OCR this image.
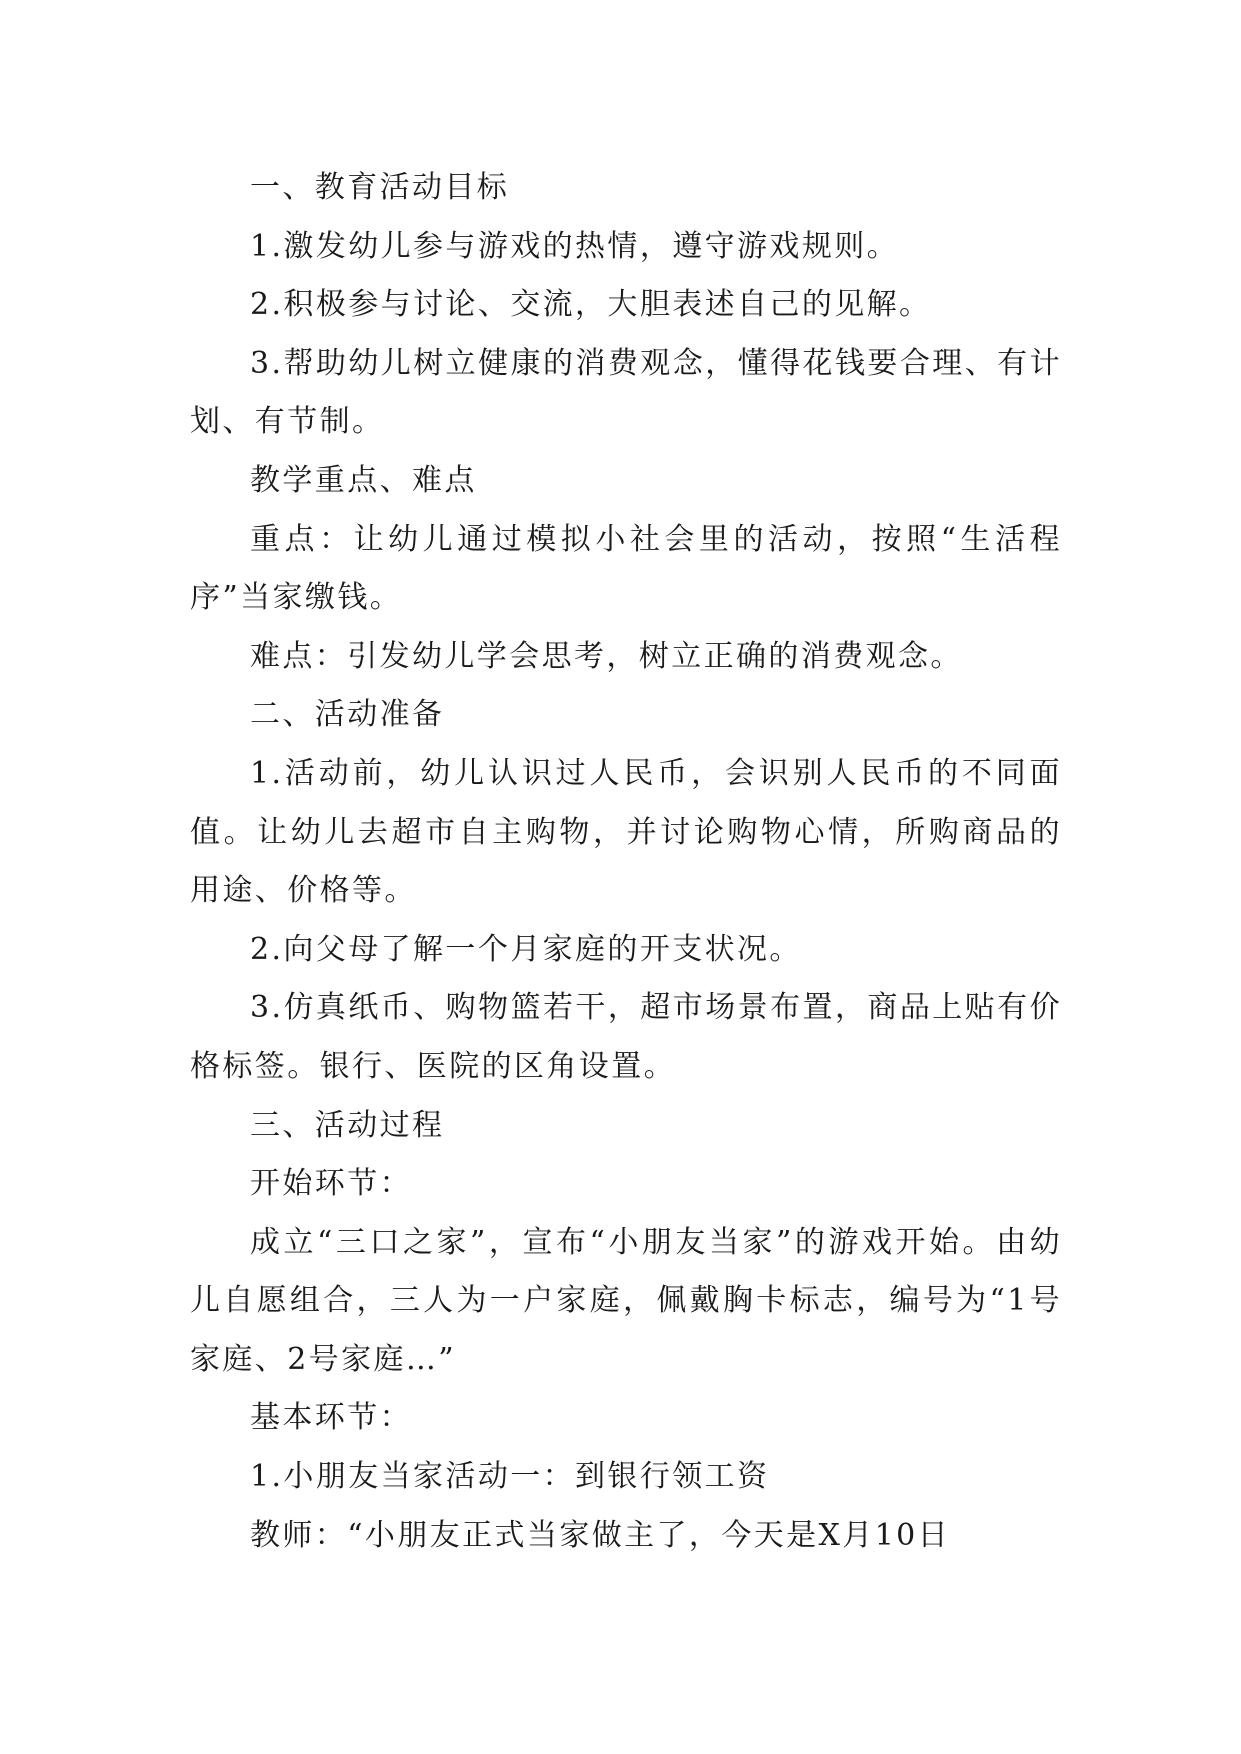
一、教育活动目标

1.激发幼儿参与游戏的热情，遵守游戏规则。

2.积极参与讨论、交流，大胆表述自己的见解。

3.帮助幼儿树立健康的消费观念，懂得花钱要合理、有计划、有节制。

教学重点、难点

重点：让幼儿通过模拟小社会里的活动，按照“生活程序”当家缴钱。

难点：引发幼儿学会思考，树立正确的消费观念。

二、活动准备

1.活动前，幼儿认识过人民币，会识别人民币的不同面值。让幼儿去超市自主购物，并讨论购物心情，所购商品的用途、价格等。

2.向父母了解一个月家庭的开支状况。

3.仿真纸币、购物篮若干，超市场景布置，商品上贴有价格标签。银行、医院的区角设置。

三、活动过程

开始环节：

成立“三口之家”，宣布“小朋友当家”的游戏开始。由幼儿自愿组合，三人为一户家庭，佩戴胸卡标志，编号为“1号家庭、2号家庭…”

基本环节：

1.小朋友当家活动一：到银行领工资

教师：“小朋友正式当家做主了，今天是X月10日
